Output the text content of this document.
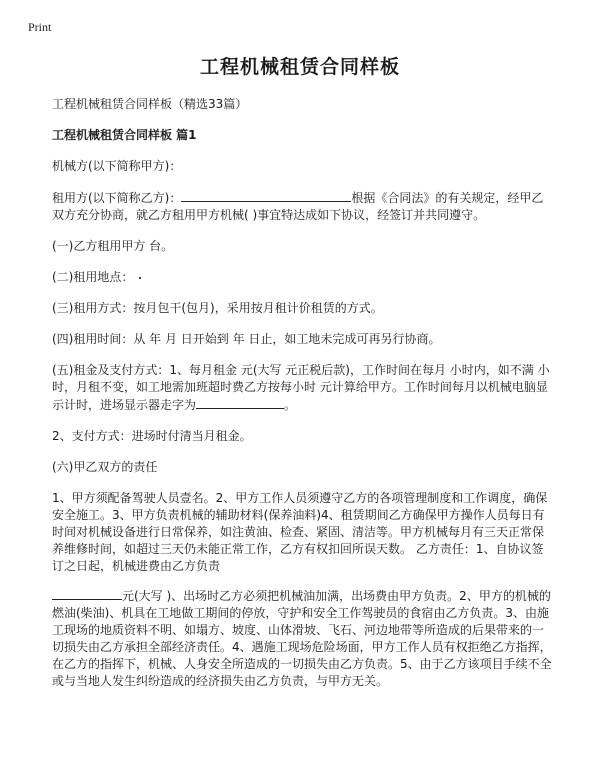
Print
工程机械租赁合同样板
工程机械租赁合同样板（精选33篇）
工程机械租赁合同样板 篇1
机械方(以下简称甲方)：
租用方(以下简称乙方)：	根据《合同法》的有关规定，经甲乙双方充分协商，就乙方租用甲方机械( )事宜特达成如下协议，经签订并共同遵守。
(一)乙方租用甲方 台。
(二)租用地点：
(三)租用方式：按月包干(包月)，采用按月租计价租赁的方式。
(四)租用时间：从 年 月 日开始到 年 日止，如工地未完成可再另行协商。
(五)租金及支付方式：1、每月租金 元(大写 元正税后款)，工作时间在每月 小时内，如不满 小时，月租不变，如工地需加班超时费乙方按每小时 元计算给甲方。工作时间每月以机械电脑显示计时，进场显示器走字为	。
2、支付方式：进场时付清当月租金。
(六)甲乙双方的责任
1、甲方须配备驾驶人员壹名。2、甲方工作人员须遵守乙方的各项管理制度和工作调度，确保安全施工。3、甲方负责机械的辅助材料(保养油料)4、租赁期间乙方确保甲方操作人员每日有时间对机械设备进行日常保养，如注黄油、检查、紧固、清洁等。甲方机械每月有三天正常保养维修时间，如超过三天仍未能正常工作，乙方有权扣回所误天数。 乙方责任：1、自协议签订之日起，机械进费由乙方负责
元(大写 )、出场时乙方必须把机械油加满，出场费由甲方负责。2、甲方的机械的燃油(柴油)、机具在工地做工期间的停放，守护和安全工作驾驶员的食宿由乙方负责。3、由施工现场的地质资料不明、如塌方、坡度、山体滑坡、飞石、河边地带等所造成的后果带来的一切损失由乙方承担全部经济责任。4、遇施工现场危险场面，甲方工作人员有权拒绝乙方指挥，在乙方的指挥下，机械、人身安全所造成的一切损失由乙方负责。5、由于乙方该项目手续不全或与当地人发生纠纷造成的经济损失由乙方负责，与甲方无关。
